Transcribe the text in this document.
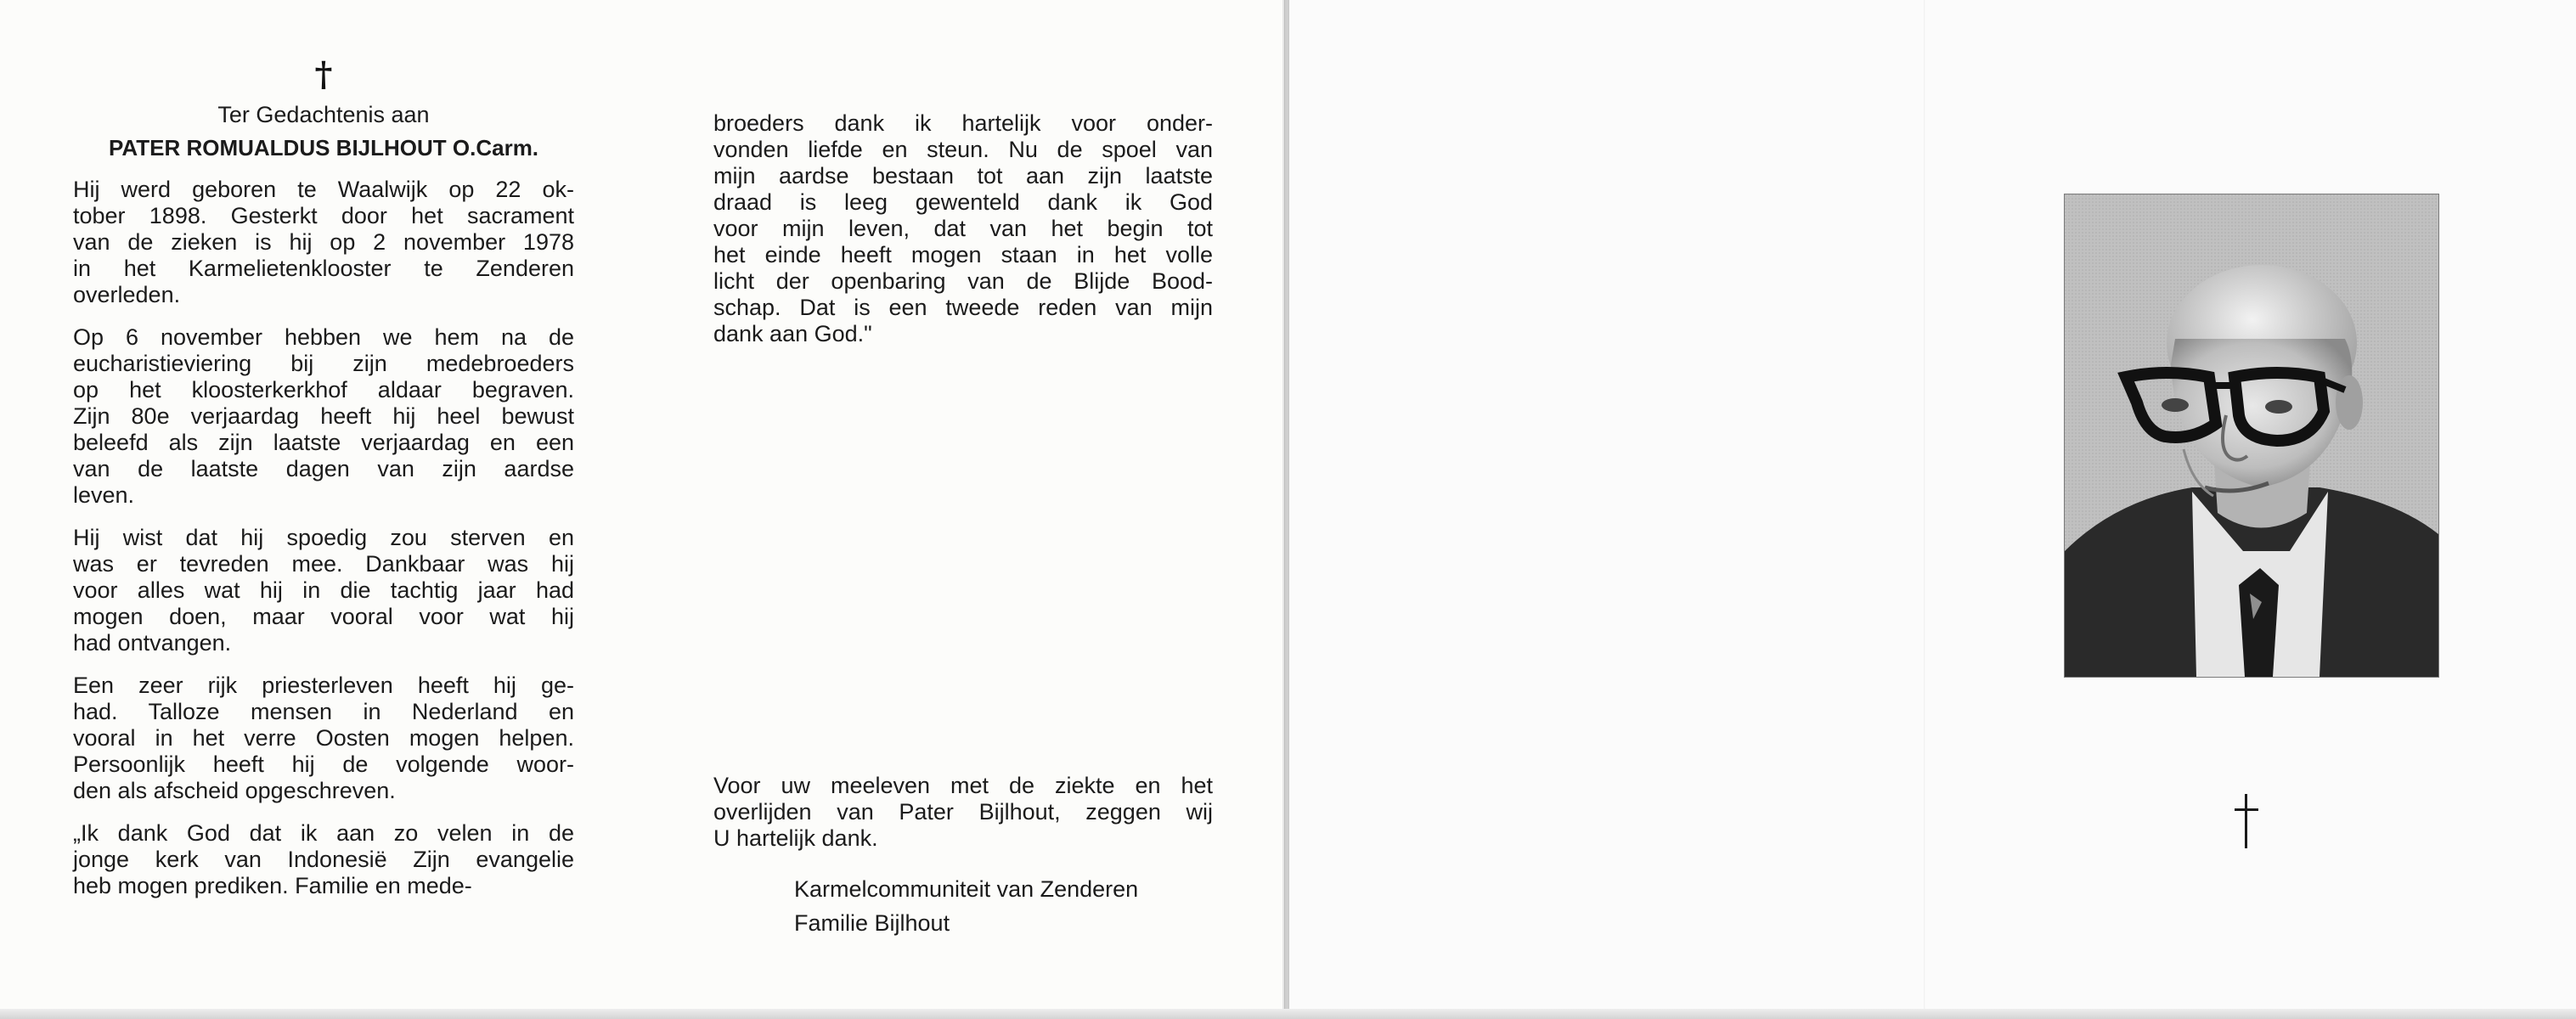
†
Ter Gedachtenis aan
PATER ROMUALDUS BIJLHOUT O.Carm.

Hij werd geboren te Waalwijk op 22 ok-
tober 1898. Gesterkt door het sacrament
van de zieken is hij op 2 november 1978
in het Karmelietenklooster te Zenderen
overleden.

Op 6 november hebben we hem na de
eucharistieviering bij zijn medebroeders
op het kloosterkerkhof aldaar begraven.
Zijn 80e verjaardag heeft hij heel bewust
beleefd als zijn laatste verjaardag en een
van de laatste dagen van zijn aardse
leven.

Hij wist dat hij spoedig zou sterven en
was er tevreden mee. Dankbaar was hij
voor alles wat hij in die tachtig jaar had
mogen doen, maar vooral voor wat hij
had ontvangen.

Een zeer rijk priesterleven heeft hij ge-
had. Talloze mensen in Nederland en
vooral in het verre Oosten mogen helpen.
Persoonlijk heeft hij de volgende woor-
den als afscheid opgeschreven.

„Ik dank God dat ik aan zo velen in de
jonge kerk van Indonesië Zijn evangelie
heb mogen prediken. Familie en mede-

broeders dank ik hartelijk voor onder-
vonden liefde en steun. Nu de spoel van
mijn aardse bestaan tot aan zijn laatste
draad is leeg gewenteld dank ik God
voor mijn leven, dat van het begin tot
het einde heeft mogen staan in het volle
licht der openbaring van de Blijde Bood-
schap. Dat is een tweede reden van mijn
dank aan God."
Voor uw meeleven met de ziekte en het
overlijden van Pater Bijlhout, zeggen wij
U hartelijk dank.
Karmelcommuniteit van Zenderen
Familie Bijlhout
